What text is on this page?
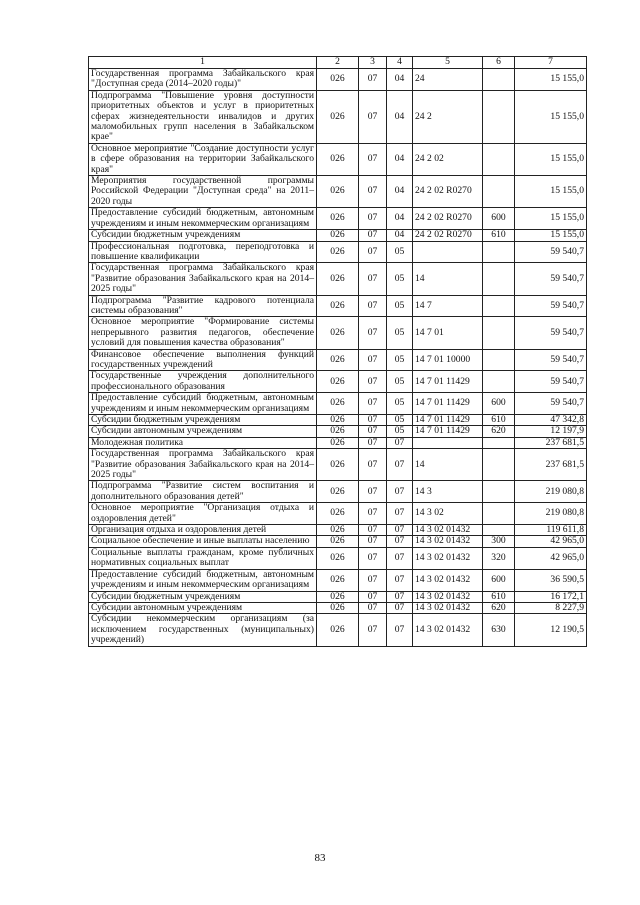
1	2	3	4	5	6	7
Государственная программа Забайкальского края "Доступная среда (2014–2020 годы)"	026	07	04	24		15 155,0
Подпрограмма "Повышение уровня доступности приоритетных объектов и услуг в приоритетных сферах жизнедеятельности инвалидов и других маломобильных групп населения в Забайкальском крае"	026	07	04	24 2		15 155,0
Основное мероприятие "Создание доступности услуг в сфере образования на территории Забайкальского края"	026	07	04	24 2 02		15 155,0
Мероприятия государственной программы Российской Федерации "Доступная среда" на 2011–2020 годы	026	07	04	24 2 02 R0270		15 155,0
Предоставление субсидий бюджетным, автономным учреждениям и иным некоммерческим организациям	026	07	04	24 2 02 R0270	600	15 155,0
Субсидии бюджетным учреждениям	026	07	04	24 2 02 R0270	610	15 155,0
Профессиональная подготовка, переподготовка и повышение квалификации	026	07	05			59 540,7
Государственная программа Забайкальского края "Развитие образования Забайкальского края на 2014–2025 годы"	026	07	05	14		59 540,7
Подпрограмма "Развитие кадрового потенциала системы образования"	026	07	05	14 7		59 540,7
Основное мероприятие "Формирование системы непрерывного развития педагогов, обеспечение условий для повышения качества образования"	026	07	05	14 7 01		59 540,7
Финансовое обеспечение выполнения функций государственных учреждений	026	07	05	14 7 01 10000		59 540,7
Государственные учреждения дополнительного профессионального образования	026	07	05	14 7 01 11429		59 540,7
Предоставление субсидий бюджетным, автономным учреждениям и иным некоммерческим организациям	026	07	05	14 7 01 11429	600	59 540,7
Субсидии бюджетным учреждениям	026	07	05	14 7 01 11429	610	47 342,8
Субсидии автономным учреждениям	026	07	05	14 7 01 11429	620	12 197,9
Молодежная политика	026	07	07			237 681,5
Государственная программа Забайкальского края "Развитие образования Забайкальского края на 2014–2025 годы"	026	07	07	14		237 681,5
Подпрограмма "Развитие систем воспитания и дополнительного образования детей"	026	07	07	14 3		219 080,8
Основное мероприятие "Организация отдыха и оздоровления детей"	026	07	07	14 3 02		219 080,8
Организация отдыха и оздоровления детей	026	07	07	14 3 02 01432		119 611,8
Социальное обеспечение и иные выплаты населению	026	07	07	14 3 02 01432	300	42 965,0
Социальные выплаты гражданам, кроме публичных нормативных социальных выплат	026	07	07	14 3 02 01432	320	42 965,0
Предоставление субсидий бюджетным, автономным учреждениям и иным некоммерческим организациям	026	07	07	14 3 02 01432	600	36 590,5
Субсидии бюджетным учреждениям	026	07	07	14 3 02 01432	610	16 172,1
Субсидии автономным учреждениям	026	07	07	14 3 02 01432	620	8 227,9
Субсидии некоммерческим организациям (за исключением государственных (муниципальных) учреждений)	026	07	07	14 3 02 01432	630	12 190,5
83
